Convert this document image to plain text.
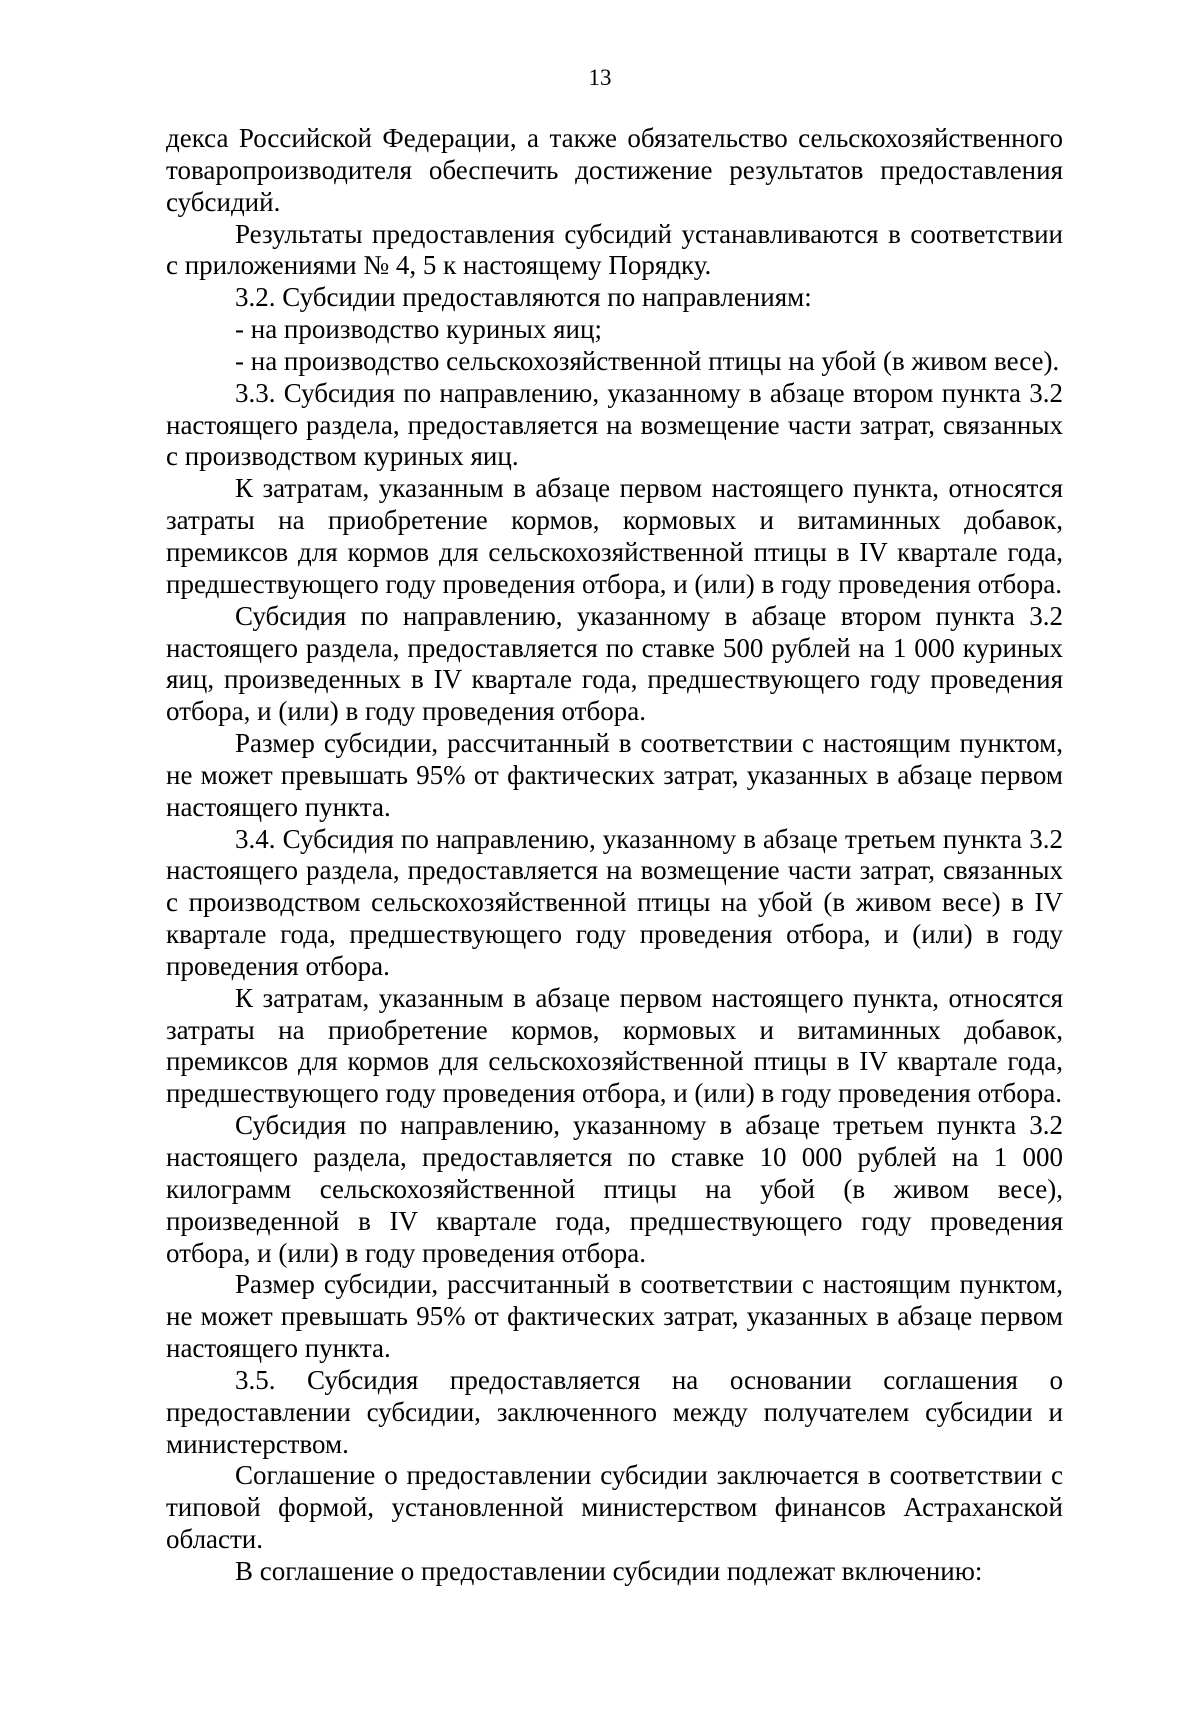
13

декса Российской Федерации, а также обязательство сельскохозяйственного товаропроизводителя обеспечить достижение результатов предоставления субсидий.

Результаты предоставления субсидий устанавливаются в соответствии с приложениями № 4, 5 к настоящему Порядку.

3.2. Субсидии предоставляются по направлениям:

- на производство куриных яиц;

- на производство сельскохозяйственной птицы на убой (в живом весе).

3.3. Субсидия по направлению, указанному в абзаце втором пункта 3.2 настоящего раздела, предоставляется на возмещение части затрат, связанных с производством куриных яиц.

К затратам, указанным в абзаце первом настоящего пункта, относятся затраты на приобретение кормов, кормовых и витаминных добавок, премиксов для кормов для сельскохозяйственной птицы в IV квартале года, предшествующего году проведения отбора, и (или) в году проведения отбора.

Субсидия по направлению, указанному в абзаце втором пункта 3.2 настоящего раздела, предоставляется по ставке 500 рублей на 1 000 куриных яиц, произведенных в IV квартале года, предшествующего году проведения отбора, и (или) в году проведения отбора.

Размер субсидии, рассчитанный в соответствии с настоящим пунктом, не может превышать 95% от фактических затрат, указанных в абзаце первом настоящего пункта.

3.4. Субсидия по направлению, указанному в абзаце третьем пункта 3.2 настоящего раздела, предоставляется на возмещение части затрат, связанных с производством сельскохозяйственной птицы на убой (в живом весе) в IV квартале года, предшествующего году проведения отбора, и (или) в году проведения отбора.

К затратам, указанным в абзаце первом настоящего пункта, относятся затраты на приобретение кормов, кормовых и витаминных добавок, премиксов для кормов для сельскохозяйственной птицы в IV квартале года, предшествующего году проведения отбора, и (или) в году проведения отбора.

Субсидия по направлению, указанному в абзаце третьем пункта 3.2 настоящего раздела, предоставляется по ставке 10 000 рублей на 1 000 килограмм сельскохозяйственной птицы на убой (в живом весе), произведенной в IV квартале года, предшествующего году проведения отбора, и (или) в году проведения отбора.

Размер субсидии, рассчитанный в соответствии с настоящим пунктом, не может превышать 95% от фактических затрат, указанных в абзаце первом настоящего пункта.

3.5. Субсидия предоставляется на основании соглашения о предоставлении субсидии, заключенного между получателем субсидии и министерством.

Соглашение о предоставлении субсидии заключается в соответствии с типовой формой, установленной министерством финансов Астраханской области.

В соглашение о предоставлении субсидии подлежат включению:
